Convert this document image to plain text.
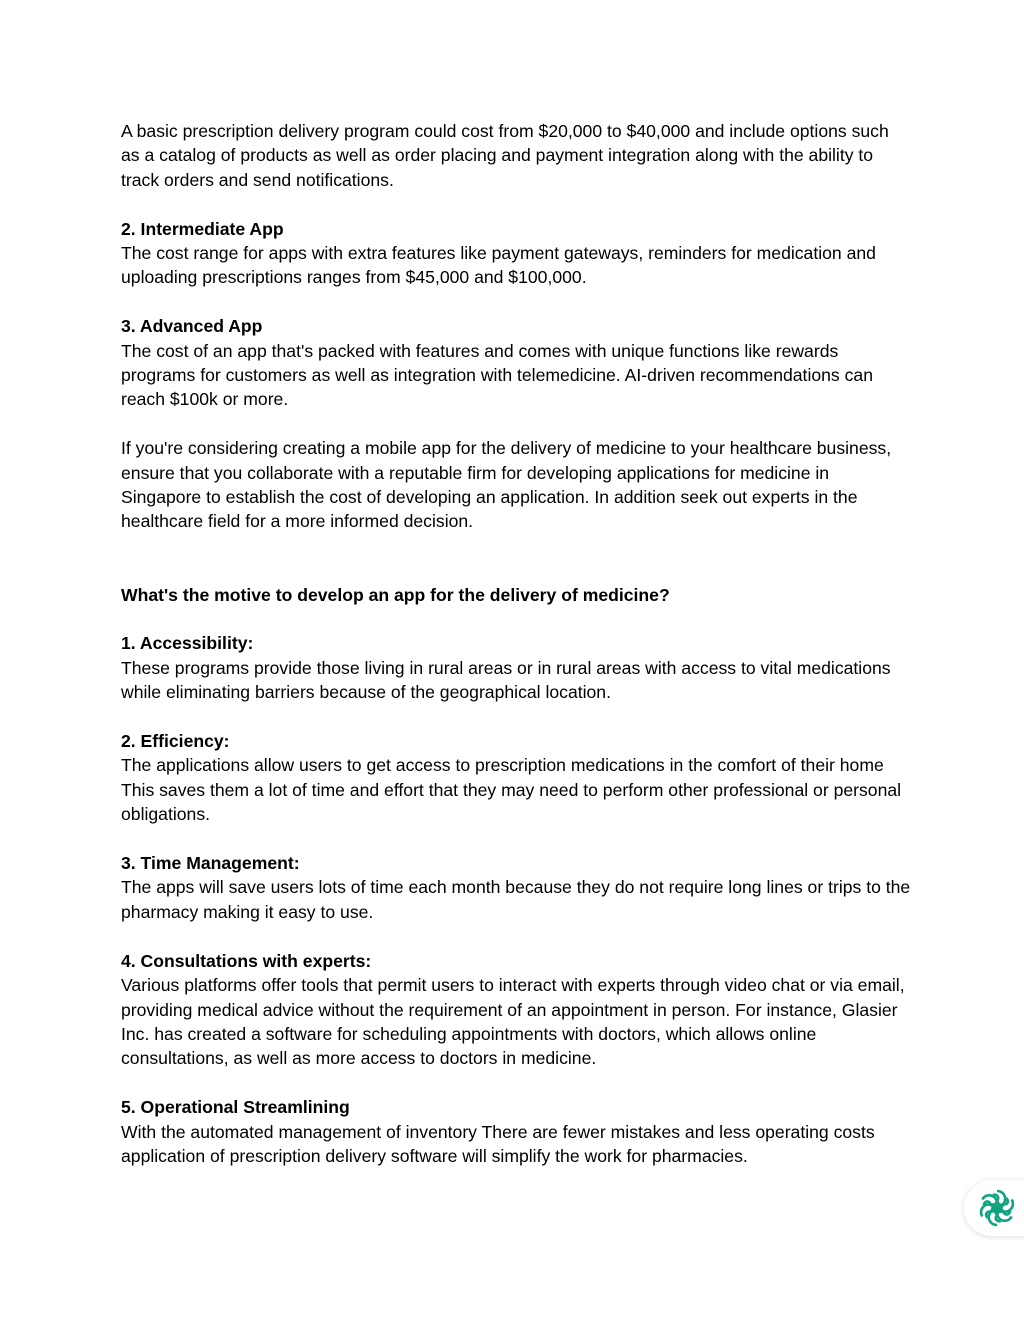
A basic prescription delivery program could cost from $20,000 to $40,000 and include options such as a catalog of products as well as order placing and payment integration along with the ability to track orders and send notifications.

2. Intermediate App

The cost range for apps with extra features like payment gateways, reminders for medication and uploading prescriptions ranges from $45,000 and $100,000.

3. Advanced App

The cost of an app that's packed with features and comes with unique functions like rewards programs for customers as well as integration with telemedicine. AI-driven recommendations can reach $100k or more.

If you're considering creating a mobile app for the delivery of medicine to your healthcare business, ensure that you collaborate with a reputable firm for developing applications for medicine in Singapore to establish the cost of developing an application. In addition seek out experts in the healthcare field for a more informed decision.

What's the motive to develop an app for the delivery of medicine?

1. Accessibility:

These programs provide those living in rural areas or in rural areas with access to vital medications while eliminating barriers because of the geographical location.

2. Efficiency:

The applications allow users to get access to prescription medications in the comfort of their home This saves them a lot of time and effort that they may need to perform other professional or personal obligations.

3. Time Management:

The apps will save users lots of time each month because they do not require long lines or trips to the pharmacy making it easy to use.

4. Consultations with experts:

Various platforms offer tools that permit users to interact with experts through video chat or via email, providing medical advice without the requirement of an appointment in person. For instance, Glasier Inc. has created a software for scheduling appointments with doctors, which allows online consultations, as well as more access to doctors in medicine.

5. Operational Streamlining

With the automated management of inventory There are fewer mistakes and less operating costs application of prescription delivery software will simplify the work for pharmacies.
